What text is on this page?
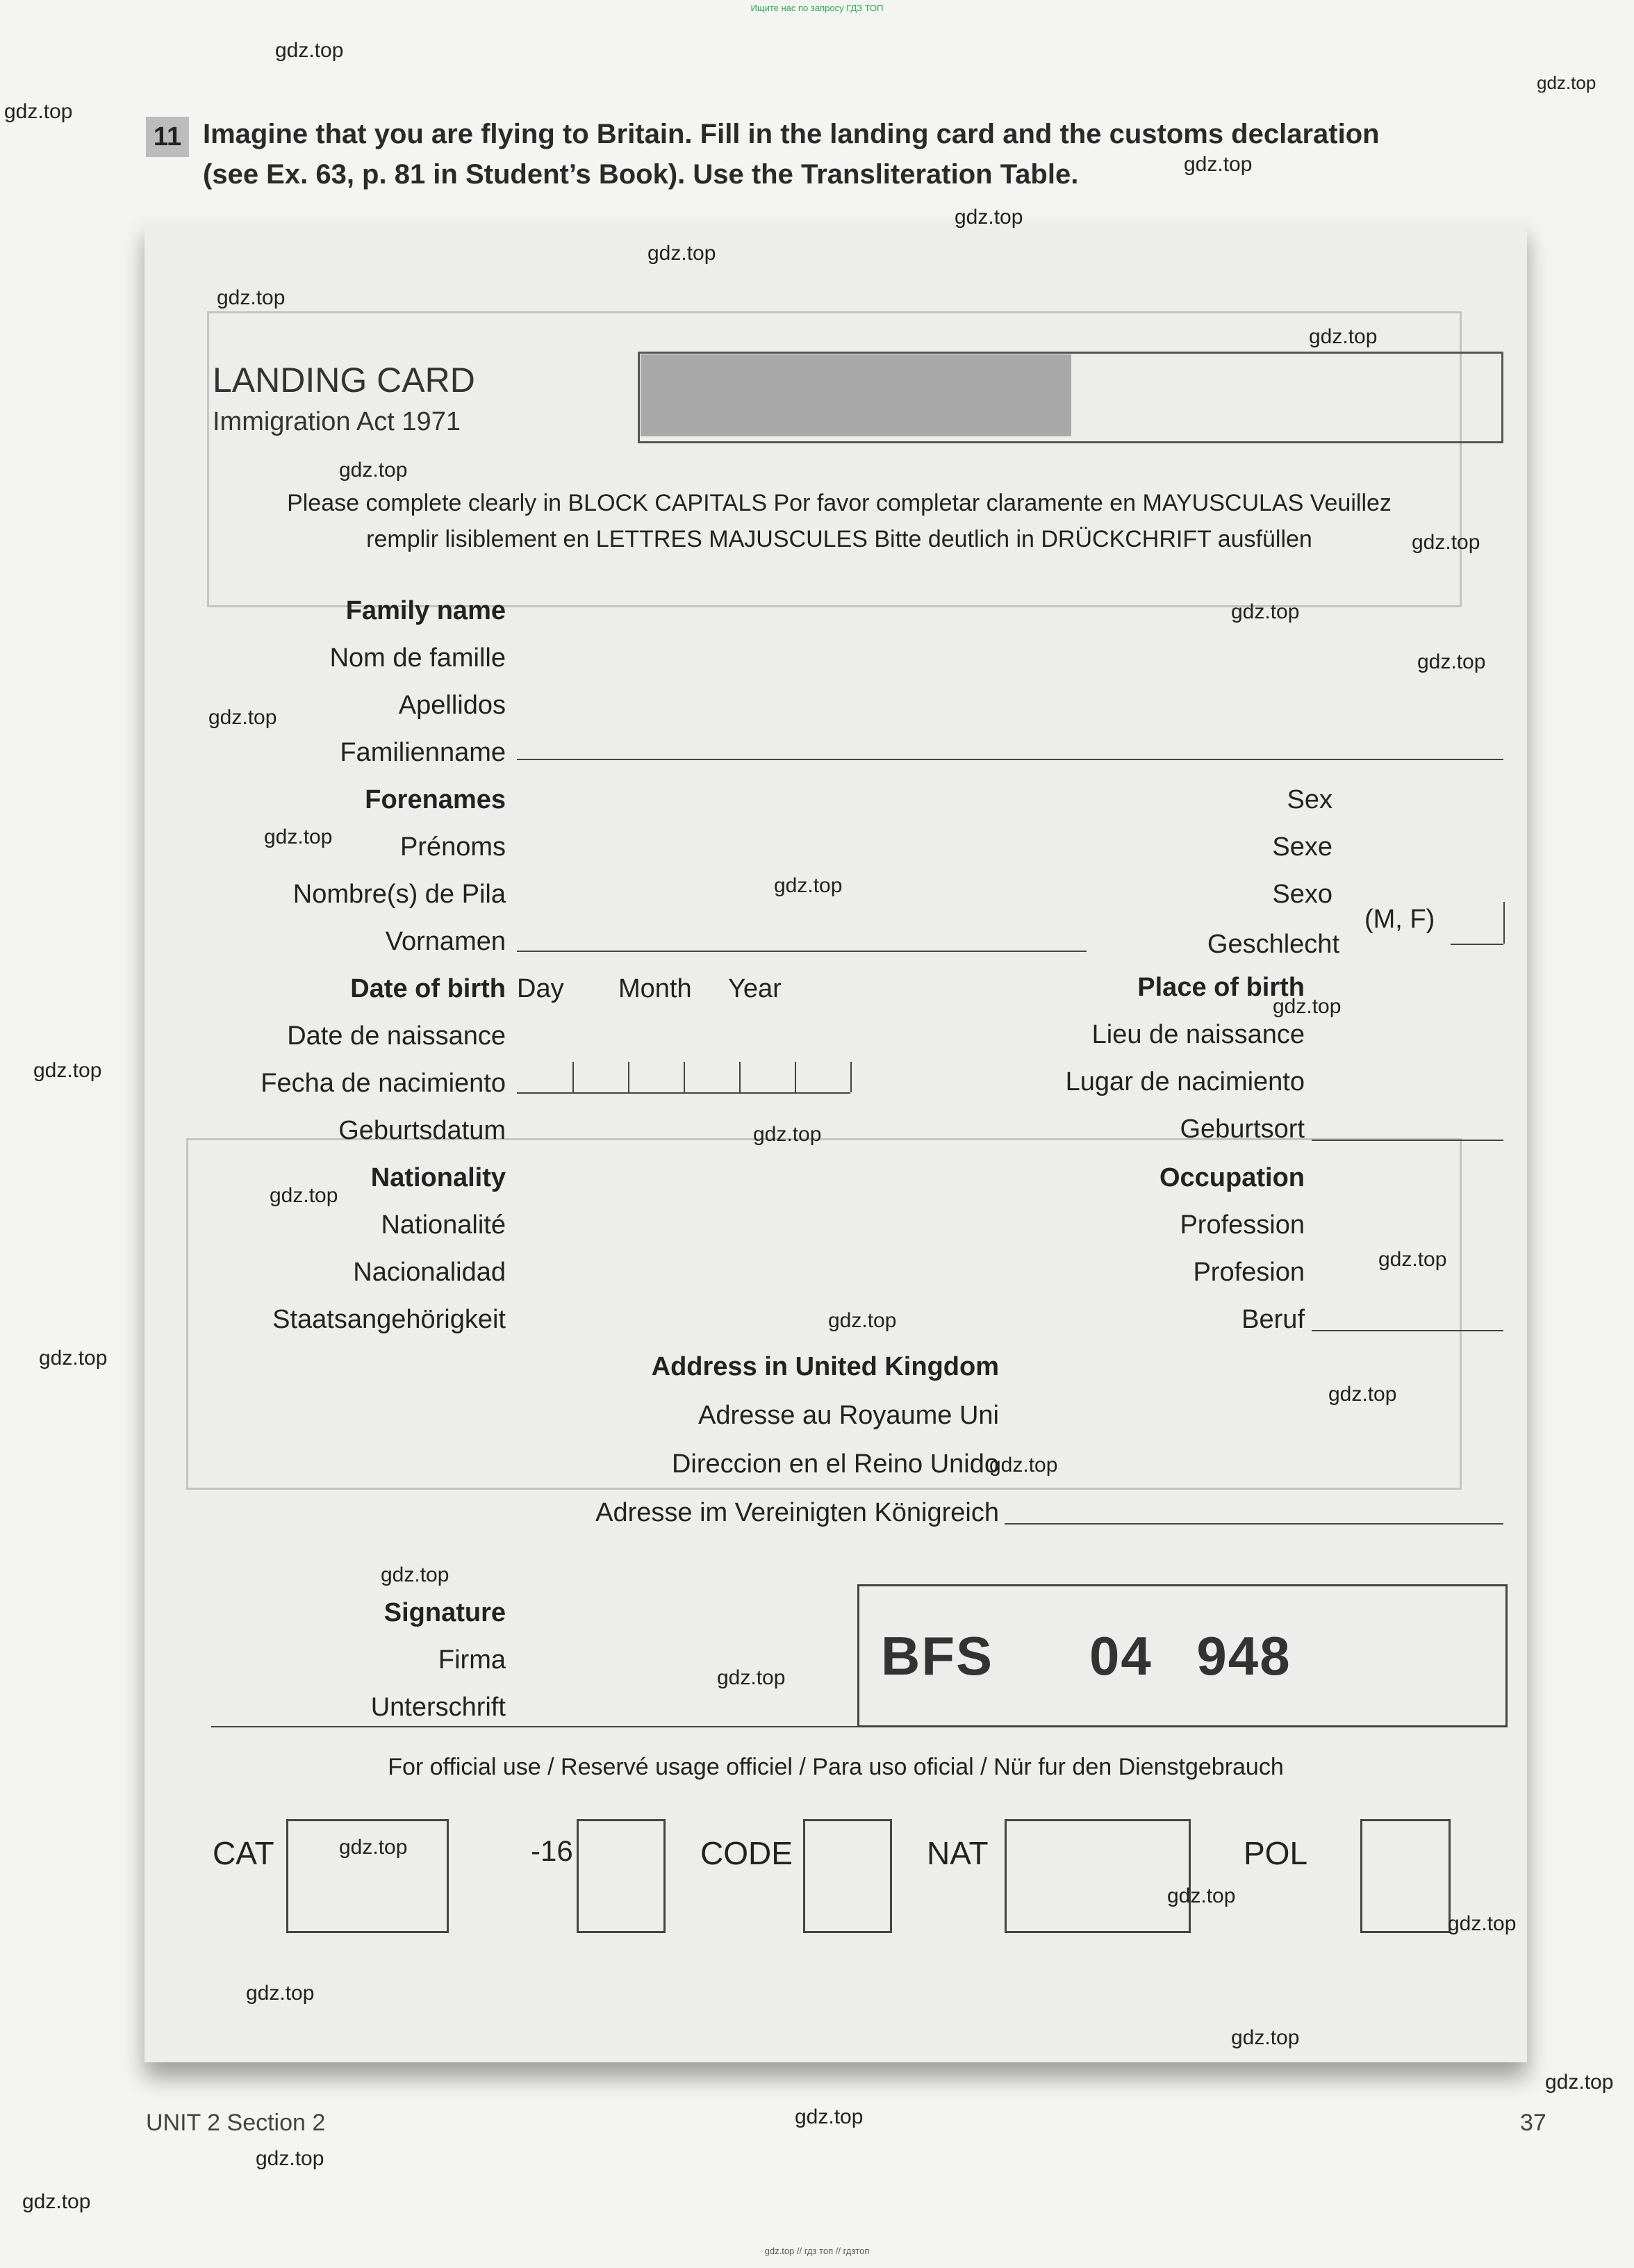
Ищите нас по запросу ГДЗ ТОП
11 Imagine that you are flying to Britain. Fill in the landing card and the customs declaration
(see Ex. 63, p. 81 in Student’s Book). Use the Transliteration Table.
LANDING CARD
Immigration Act 1971
Please complete clearly in BLOCK CAPITALS Por favor completar claramente en MAYUSCULAS Veuillez
remplir lisiblement en LETTRES MAJUSCULES Bitte deutlich in DRÜCKCHRIFT ausfüllen
Family name
Nom de famille
Apellidos
Familienname
Forenames
Prénoms
Nombre(s) de Pila
Vornamen
Sex
Sexe
Sexo
Geschlecht
(M, F)
Date of birth
Date de naissance
Fecha de nacimiento
Geburtsdatum
Day Month Year	Place of birth
Lieu de naissance
Lugar de nacimiento
Geburtsort
Nationality
Nationalité
Nacionalidad
Staatsangehörigkeit
Occupation
Profession
Profesion
Beruf
Address in United Kingdom
Adresse au Royaume Uni
Direccion en el Reino Unido
Adresse im Vereinigten Königreich
Signature
Firma
Unterschrift
BFS 04 948
For official use / Reservé usage officiel / Para uso oficial / Nür fur den Dienstgebrauch
CAT	-16	CODE	NAT	POL
UNIT 2 Section 2	37
gdz.top // гдз топ // гдзтоп
gdz.top
gdz.top
gdz.top
gdz.top
gdz.top
gdz.top
gdz.top
gdz.top
gdz.top
gdz.top
gdz.top
gdz.top
gdz.top
gdz.top
gdz.top
gdz.top
gdz.top
gdz.top
gdz.top
gdz.top
gdz.top
gdz.top
gdz.top
gdz.top
gdz.top
gdz.top
gdz.top
gdz.top
gdz.top
gdz.top
gdz.top
gdz.top
gdz.top
gdz.top
gdz.top
